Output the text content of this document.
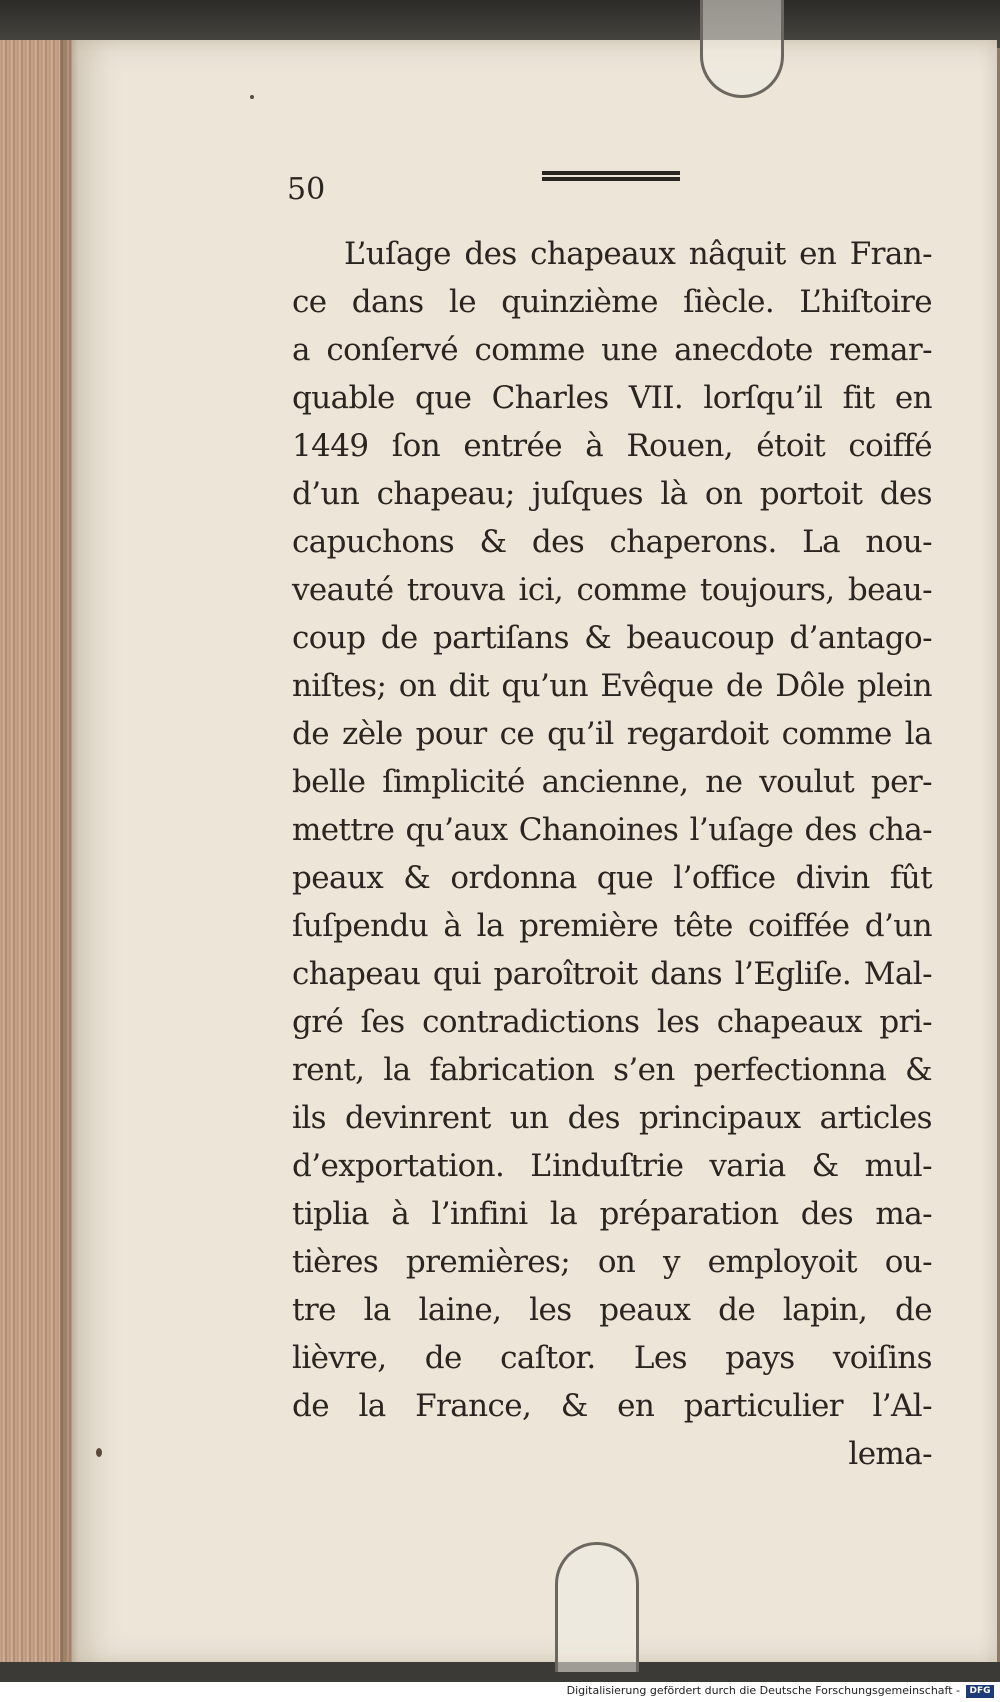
50
L’uſage des chapeaux nâquit en Fran-
ce dans le quinzième ſiècle. L’hiſtoire
a conſervé comme une anecdote remar-
quable que Charles VII. lorſqu’il fit en
1449 ſon entrée à Rouen, étoit coiffé
d’un chapeau; juſques là on portoit des
capuchons & des chaperons. La nou-
veauté trouva ici, comme toujours, beau-
coup de partiſans & beaucoup d’antago-
niſtes; on dit qu’un Evêque de Dôle plein
de zèle pour ce qu’il regardoit comme la
belle ſimplicité ancienne, ne voulut per-
mettre qu’aux Chanoines l’uſage des cha-
peaux & ordonna que l’office divin fût
ſuſpendu à la première tête coiffée d’un
chapeau qui paroîtroit dans l’Egliſe. Mal-
gré ſes contradictions les chapeaux pri-
rent, la fabrication s’en perfectionna &
ils devinrent un des principaux articles
d’exportation. L’induſtrie varia & mul-
tiplia à l’infini la préparation des ma-
tières premières; on y employoit ou-
tre la laine, les peaux de lapin, de
lièvre, de caſtor. Les pays voiſins
de la France, & en particulier l’Al-
lema-
Digitalisierung gefördert durch die Deutsche Forschungsgemeinschaft -	DFG
